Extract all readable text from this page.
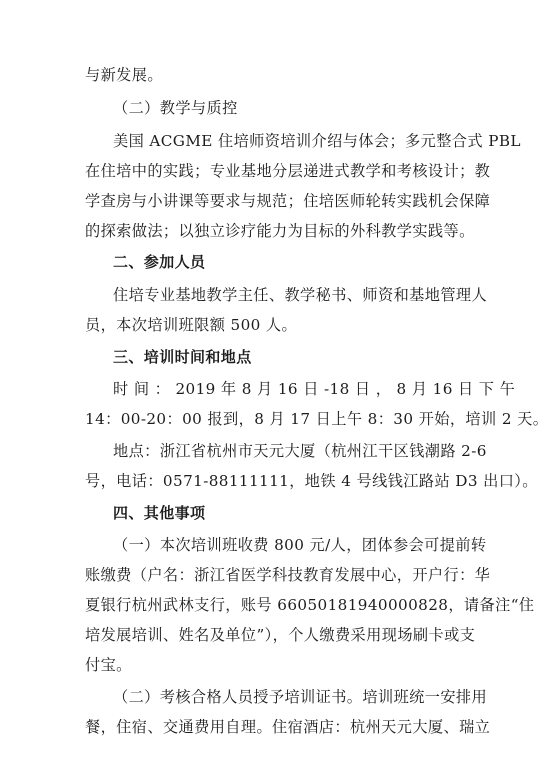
与新发展。
（二）教学与质控
美国 ACGME 住培师资培训介绍与体会；多元整合式 PBL
在住培中的实践；专业基地分层递进式教学和考核设计；教
学查房与小讲课等要求与规范；住培医师轮转实践机会保障
的探索做法；以独立诊疗能力为目标的外科教学实践等。
二、参加人员
住培专业基地教学主任、教学秘书、师资和基地管理人
员，本次培训班限额 500 人。
三、培训时间和地点
时 间 ： 2019 年 8 月 16 日 -18 日 ， 8 月 16 日 下 午
14：00-20：00 报到，8 月 17 日上午 8：30 开始，培训 2 天。
地点：浙江省杭州市天元大厦（杭州江干区钱潮路 2-6
号，电话：0571-88111111，地铁 4 号线钱江路站 D3 出口）。
四、其他事项
（一）本次培训班收费 800 元/人，团体参会可提前转
账缴费（户名：浙江省医学科技教育发展中心，开户行：华
夏银行杭州武林支行，账号 66050181940000828，请备注“住
培发展培训、姓名及单位”），个人缴费采用现场刷卡或支
付宝。
（二）考核合格人员授予培训证书。培训班统一安排用
餐，住宿、交通费用自理。住宿酒店：杭州天元大厦、瑞立
